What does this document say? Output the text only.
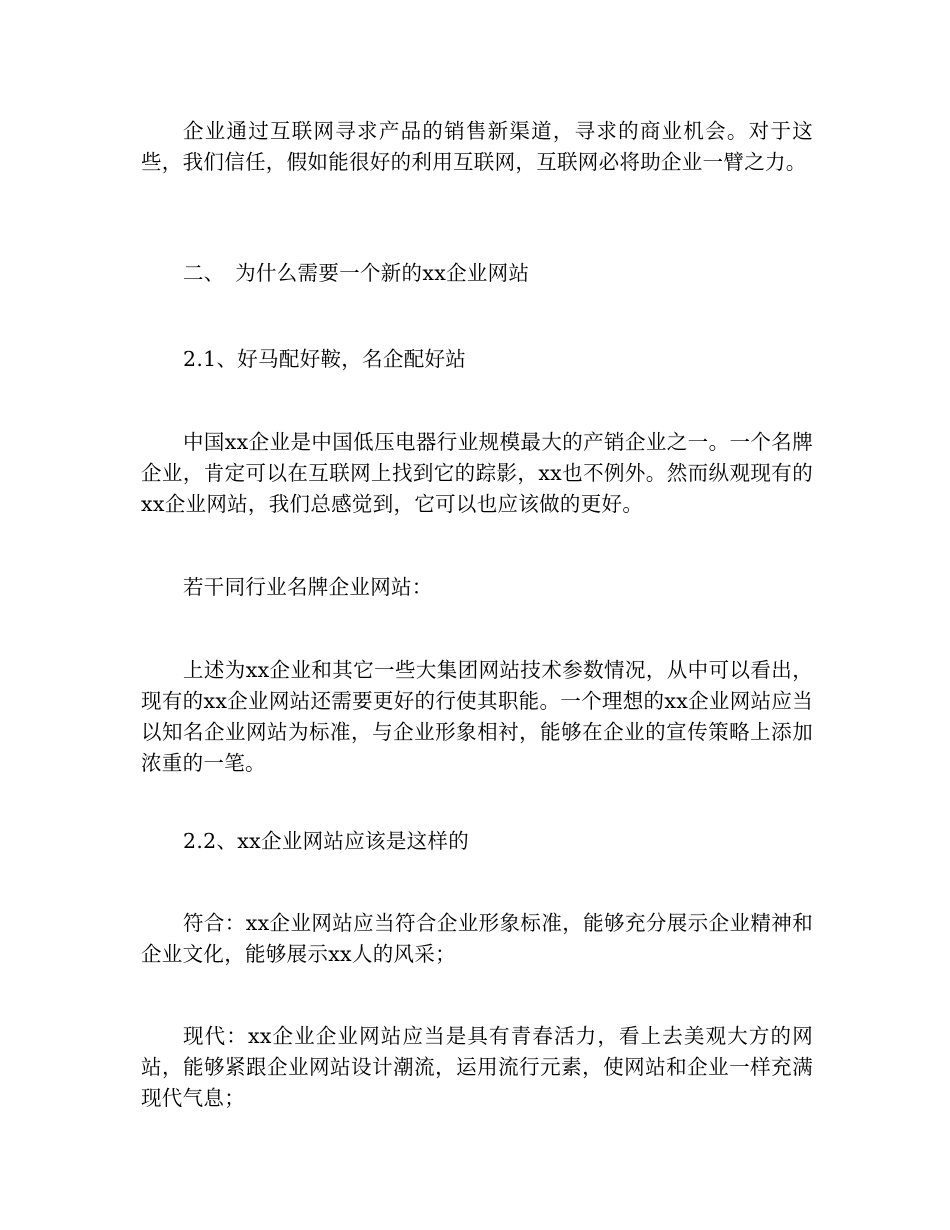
企业通过互联网寻求产品的销售新渠道，寻求的商业机会。对于这些，我们信任，假如能很好的利用互联网，互联网必将助企业一臂之力。

二、　为什么需要一个新的xx企业网站

2.1、好马配好鞍，名企配好站

中国xx企业是中国低压电器行业规模最大的产销企业之一。一个名牌企业，肯定可以在互联网上找到它的踪影，xx也不例外。然而纵观现有的xx企业网站，我们总感觉到，它可以也应该做的更好。

若干同行业名牌企业网站：

上述为xx企业和其它一些大集团网站技术参数情况，从中可以看出，现有的xx企业网站还需要更好的行使其职能。一个理想的xx企业网站应当以知名企业网站为标准，与企业形象相衬，能够在企业的宣传策略上添加浓重的一笔。

2.2、xx企业网站应该是这样的

符合：xx企业网站应当符合企业形象标准，能够充分展示企业精神和企业文化，能够展示xx人的风采；

现代：xx企业企业网站应当是具有青春活力，看上去美观大方的网站，能够紧跟企业网站设计潮流，运用流行元素，使网站和企业一样充满现代气息；
